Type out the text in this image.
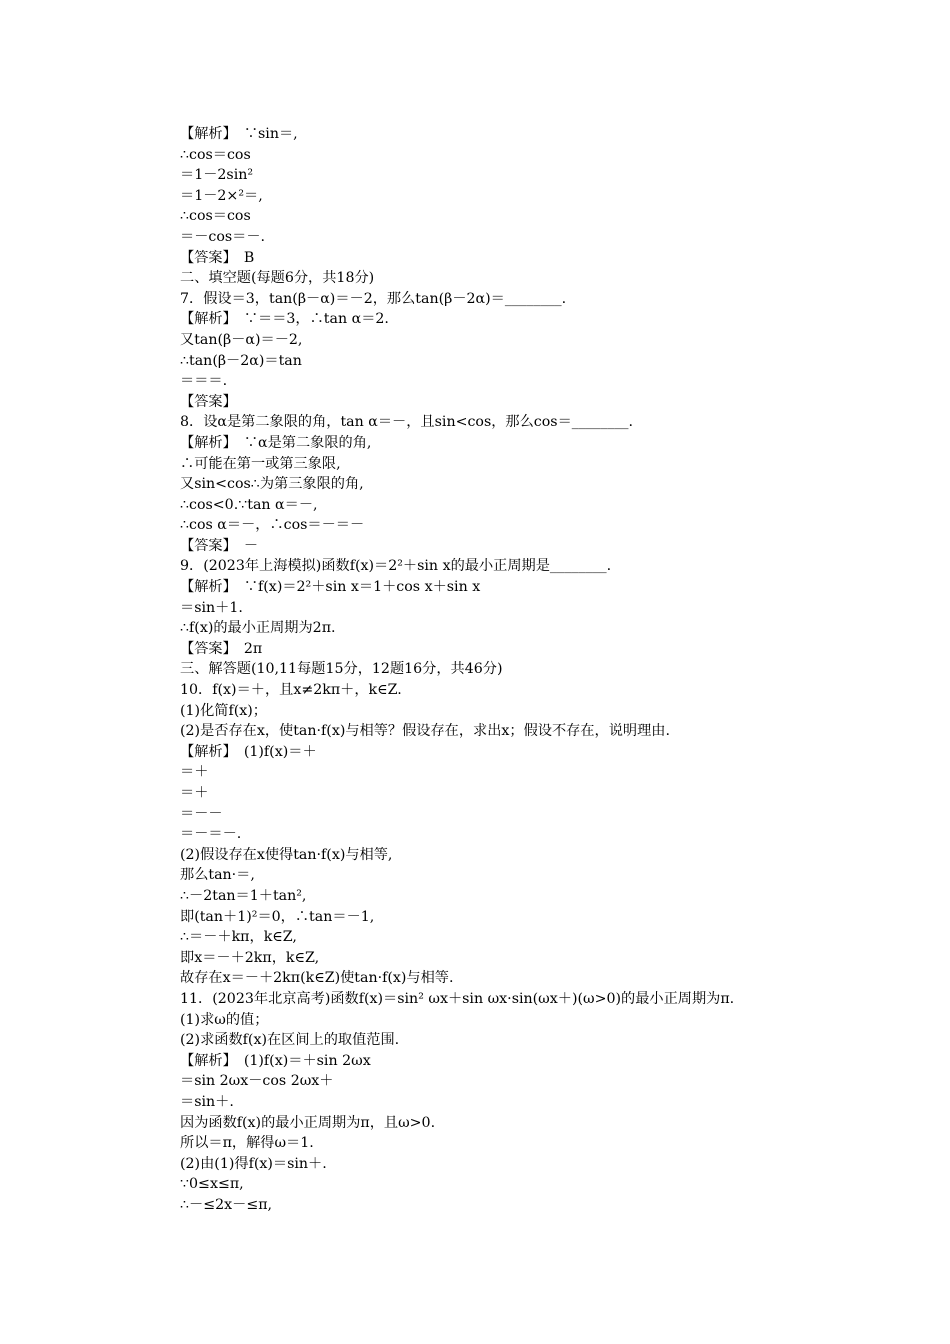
【解析】　∵sin＝,
∴cos＝cos
＝1－2sin²
＝1－2×²＝,
∴cos＝cos
＝－cos＝－.
【答案】　B
二、填空题(每题6分，共18分)
7．假设＝3，tan(β－α)＝－2，那么tan(β－2α)＝________.
【解析】　∵＝＝3，∴tan α＝2.
又tan(β－α)＝－2,
∴tan(β－2α)＝tan
＝＝＝.
【答案】
8．设α是第二象限的角，tan α＝－，且sin<cos，那么cos＝________.
【解析】　∵α是第二象限的角,
∴可能在第一或第三象限,
又sin<cos∴为第三象限的角,
∴cos<0.∵tan α＝－,
∴cos α＝－，∴cos＝－＝－
【答案】　－
9．(2023年上海模拟)函数f(x)＝2²＋sin x的最小正周期是________.
【解析】　∵f(x)＝2²＋sin x＝1＋cos x＋sin x
＝sin＋1.
∴f(x)的最小正周期为2π.
【答案】　2π
三、解答题(10,11每题15分，12题16分，共46分)
10．f(x)＝＋，且x≠2kπ＋，k∈Z.
(1)化简f(x)；
(2)是否存在x，使tan·f(x)与相等？假设存在，求出x；假设不存在，说明理由.
【解析】　(1)f(x)＝＋
＝＋
＝＋
＝－－
＝－＝－.
(2)假设存在x使得tan·f(x)与相等,
那么tan·＝,
∴－2tan＝1＋tan²,
即(tan＋1)²＝0，∴tan＝－1,
∴＝－＋kπ，k∈Z,
即x＝－＋2kπ，k∈Z,
故存在x＝－＋2kπ(k∈Z)使tan·f(x)与相等.
11．(2023年北京高考)函数f(x)＝sin² ωx＋sin ωx·sin(ωx＋)(ω>0)的最小正周期为π.
(1)求ω的值；
(2)求函数f(x)在区间上的取值范围.
【解析】　(1)f(x)＝＋sin 2ωx
＝sin 2ωx－cos 2ωx＋
＝sin＋.
因为函数f(x)的最小正周期为π，且ω>0.
所以＝π，解得ω＝1.
(2)由(1)得f(x)＝sin＋.
∵0≤x≤π,
∴－≤2x－≤π,
